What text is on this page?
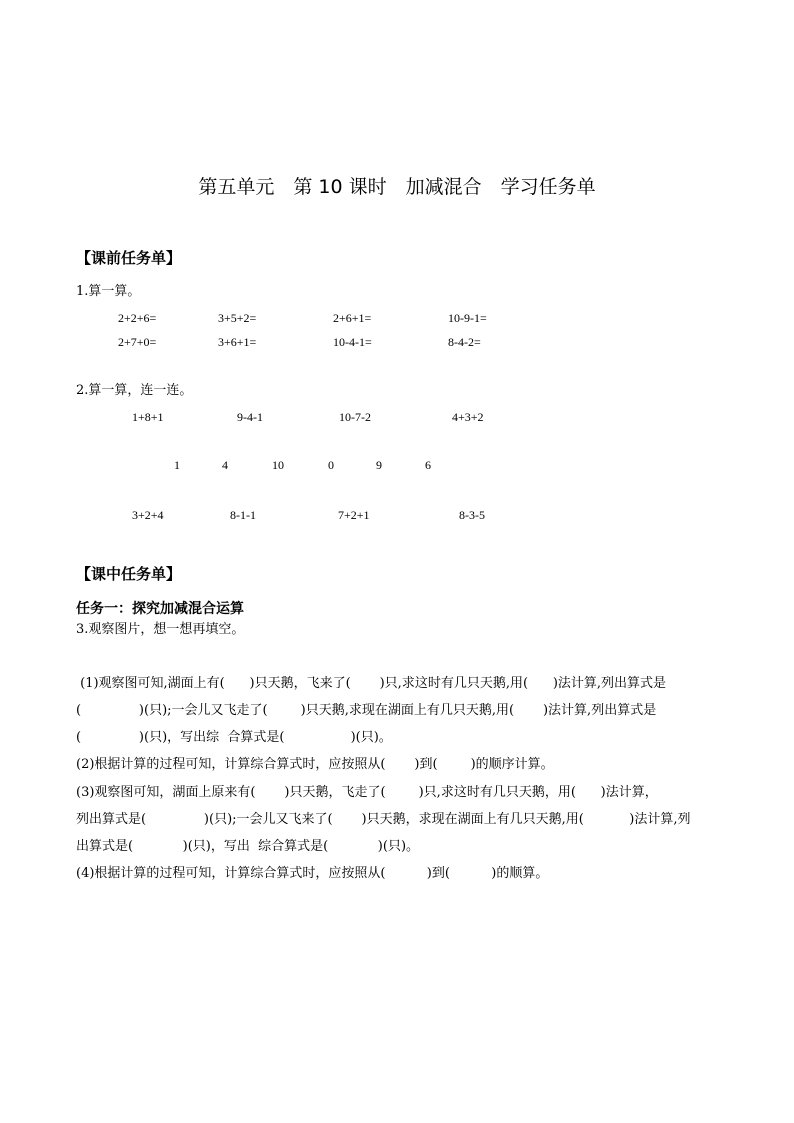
第五单元　第 10 课时　加减混合　学习任务单
【课前任务单】
1.算一算。
2+2+6=	3+5+2=	2+6+1=	10-9-1=
2+7+0=	3+6+1=	10-4-1=	8-4-2=
2.算一算，连一连。
1+8+1	9-4-1	10-7-2	4+3+2
1	4	10	0	9	6
3+2+4	8-1-1	7+2+1	8-3-5
【课中任务单】
任务一：探究加减混合运算
3.观察图片，想一想再填空。
(1)观察图可知,湖面上有(      )只天鹅，飞来了(       )只,求这时有几只天鹅,用(      )法计算,列出算式是
(              )(只);一会儿又飞走了(        )只天鹅,求现在湖面上有几只天鹅,用(       )法计算,列出算式是
(              )(只)，写出综  合算式是(                )(只)。
(2)根据计算的过程可知，计算综合算式时，应按照从(       )到(        )的顺序计算。
(3)观察图可知，湖面上原来有(       )只天鹅，飞走了(        )只,求这时有几只天鹅，用(      )法计算，
列出算式是(              )(只);一会儿又飞来了(       )只天鹅，求现在湖面上有几只天鹅,用(           )法计算,列
出算式是(            )(只)，写出  综合算式是(            )(只)。
(4)根据计算的过程可知，计算综合算式时，应按照从(          )到(          )的顺算。
